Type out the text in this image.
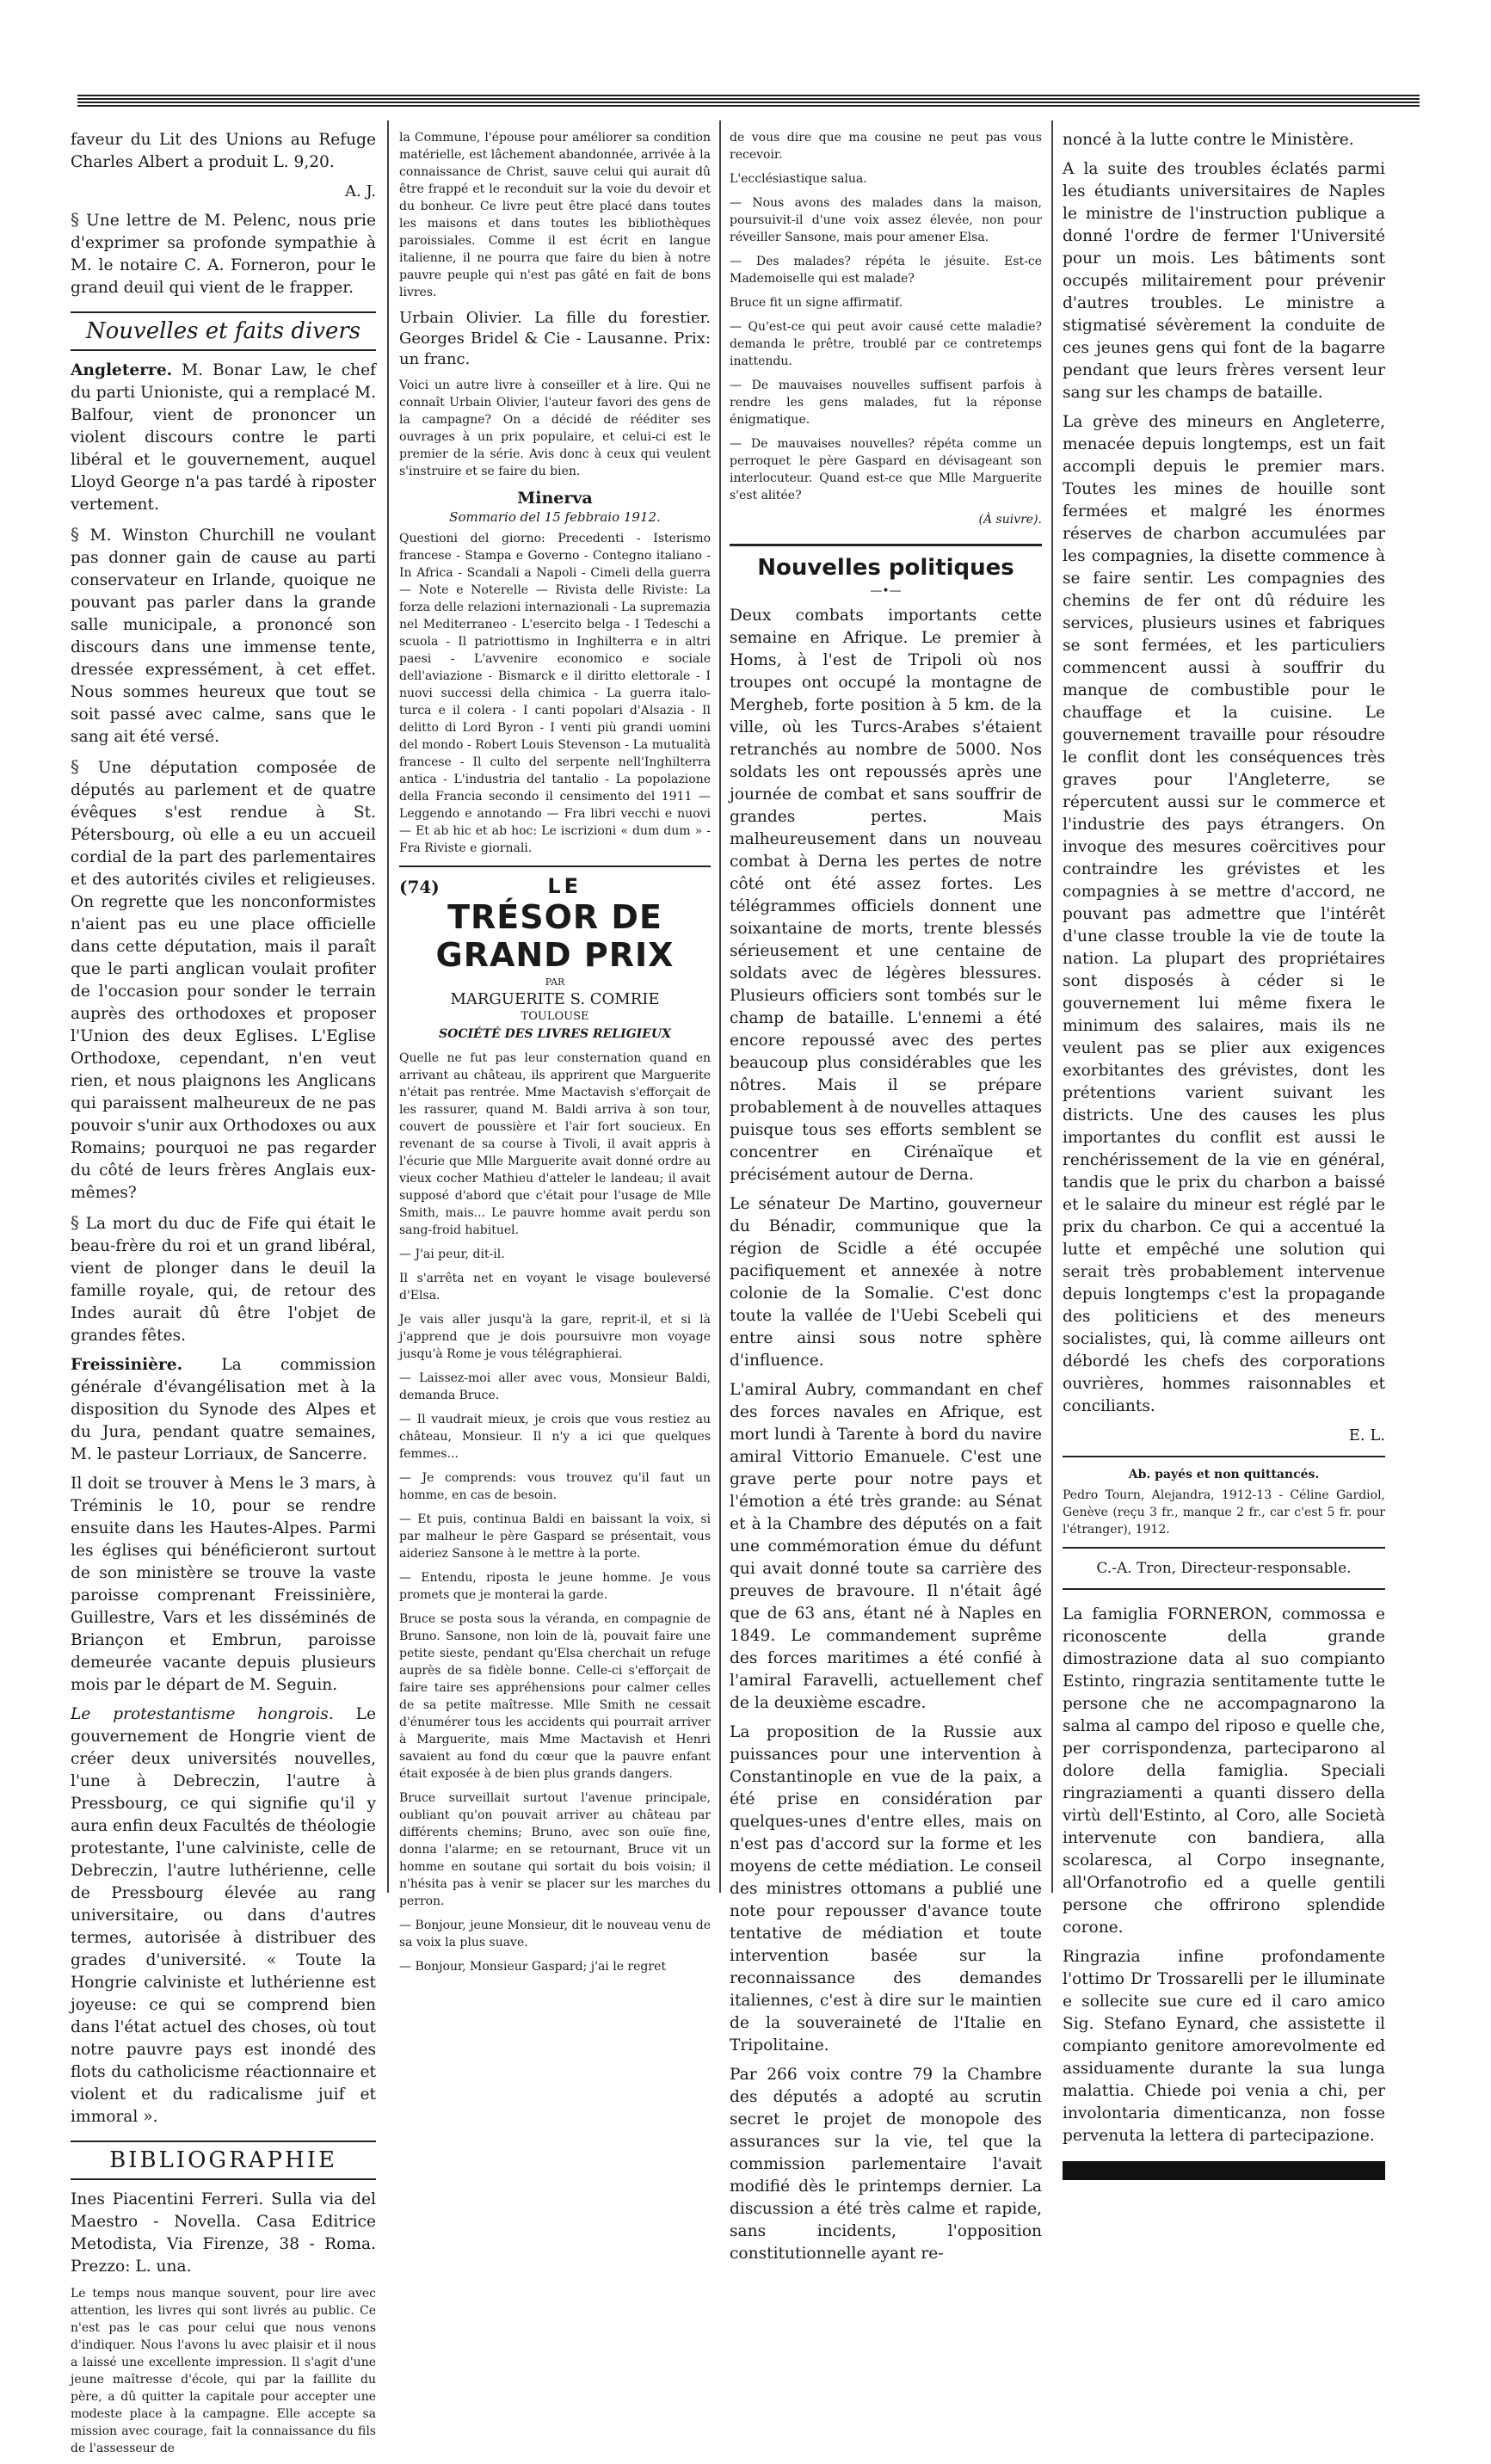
faveur du Lit des Unions au Refuge Charles Albert a produit L. 9,20.

A. J.

§ Une lettre de M. Pelenc, nous prie d'exprimer sa profonde sympathie à M. le notaire C. A. Forneron, pour le grand deuil qui vient de le frapper.

Nouvelles et faits divers

Angleterre. M. Bonar Law, le chef du parti Unioniste, qui a remplacé M. Balfour, vient de prononcer un violent discours contre le parti libéral et le gouvernement, auquel Lloyd George n'a pas tardé à riposter vertement.

§ M. Winston Churchill ne voulant pas donner gain de cause au parti conservateur en Irlande, quoique ne pouvant pas parler dans la grande salle municipale, a prononcé son discours dans une immense tente, dressée expressément, à cet effet. Nous sommes heureux que tout se soit passé avec calme, sans que le sang ait été versé.

§ Une députation composée de députés au parlement et de quatre évêques s'est rendue à St. Pétersbourg, où elle a eu un accueil cordial de la part des parlementaires et des autorités civiles et religieuses. On regrette que les nonconformistes n'aient pas eu une place officielle dans cette députation, mais il paraît que le parti anglican voulait profiter de l'occasion pour sonder le terrain auprès des orthodoxes et proposer l'Union des deux Eglises. L'Eglise Orthodoxe, cependant, n'en veut rien, et nous plaignons les Anglicans qui paraissent malheureux de ne pas pouvoir s'unir aux Orthodoxes ou aux Romains; pourquoi ne pas regarder du côté de leurs frères Anglais eux-mêmes?

§ La mort du duc de Fife qui était le beau-frère du roi et un grand libéral, vient de plonger dans le deuil la famille royale, qui, de retour des Indes aurait dû être l'objet de grandes fêtes.

Freissinière. La commission générale d'évangélisation met à la disposition du Synode des Alpes et du Jura, pendant quatre semaines, M. le pasteur Lorriaux, de Sancerre.

Il doit se trouver à Mens le 3 mars, à Tréminis le 10, pour se rendre ensuite dans les Hautes-Alpes. Parmi les églises qui bénéficieront surtout de son ministère se trouve la vaste paroisse comprenant Freissinière, Guillestre, Vars et les disséminés de Briançon et Embrun, paroisse demeurée vacante depuis plusieurs mois par le départ de M. Seguin.

Le protestantisme hongrois. Le gouvernement de Hongrie vient de créer deux universités nouvelles, l'une à Debreczin, l'autre à Pressbourg, ce qui signifie qu'il y aura enfin deux Facultés de théologie protestante, l'une calviniste, celle de Debreczin, l'autre luthérienne, celle de Pressbourg élevée au rang universitaire, ou dans d'autres termes, autorisée à distribuer des grades d'université. « Toute la Hongrie calviniste et luthérienne est joyeuse: ce qui se comprend bien dans l'état actuel des choses, où tout notre pauvre pays est inondé des flots du catholicisme réactionnaire et violent et du radicalisme juif et immoral ».

BIBLIOGRAPHIE

Ines Piacentini Ferreri. Sulla via del Maestro - Novella. Casa Editrice Metodista, Via Firenze, 38 - Roma. Prezzo: L. una.

Le temps nous manque souvent, pour lire avec attention, les livres qui sont livrés au public. Ce n'est pas le cas pour celui que nous venons d'indiquer. Nous l'avons lu avec plaisir et il nous a laissé une excellente impression. Il s'agit d'une jeune maîtresse d'école, qui par la faillite du père, a dû quitter la capitale pour accepter une modeste place à la campagne. Elle accepte sa mission avec courage, fait la connaissance du fils de l'assesseur de

la Commune, l'épouse pour améliorer sa condition matérielle, est lâchement abandonnée, arrivée à la connaissance de Christ, sauve celui qui aurait dû être frappé et le reconduit sur la voie du devoir et du bonheur. Ce livre peut être placé dans toutes les maisons et dans toutes les bibliothèques paroissiales. Comme il est écrit en langue italienne, il ne pourra que faire du bien à notre pauvre peuple qui n'est pas gâté en fait de bons livres.

Urbain Olivier. La fille du forestier. Georges Bridel & Cie - Lausanne. Prix: un franc.

Voici un autre livre à conseiller et à lire. Qui ne connaît Urbain Olivier, l'auteur favori des gens de la campagne? On a décidé de rééditer ses ouvrages à un prix populaire, et celui-ci est le premier de la série. Avis donc à ceux qui veulent s'instruire et se faire du bien.

Minerva
Sommario del 15 febbraio 1912.

Questioni del giorno: Precedenti - Isterismo francese - Stampa e Governo - Contegno italiano - In Africa - Scandali a Napoli - Cimeli della guerra — Note e Noterelle — Rivista delle Riviste: La forza delle relazioni internazionali - La supremazia nel Mediterraneo - L'esercito belga - I Tedeschi a scuola - Il patriottismo in Inghilterra e in altri paesi - L'avvenire economico e sociale dell'aviazione - Bismarck e il diritto elettorale - I nuovi successi della chimica - La guerra italo-turca e il colera - I canti popolari d'Alsazia - Il delitto di Lord Byron - I venti più grandi uomini del mondo - Robert Louis Stevenson - La mutualità francese - Il culto del serpente nell'Inghilterra antica - L'industria del tantalio - La popolazione della Francia secondo il censimento del 1911 — Leggendo e annotando — Fra libri vecchi e nuovi — Et ab hic et ab hoc: Le iscrizioni « dum dum » - Fra Riviste e giornali.

(74)	LE
TRÉSOR DE GRAND PRIX

PAR

MARGUERITE S. COMRIE

TOULOUSE

SOCIÉTÉ DES LIVRES RELIGIEUX

Quelle ne fut pas leur consternation quand en arrivant au château, ils apprirent que Marguerite n'était pas rentrée. Mme Mactavish s'efforçait de les rassurer, quand M. Baldi arriva à son tour, couvert de poussière et l'air fort soucieux. En revenant de sa course à Tivoli, il avait appris à l'écurie que Mlle Marguerite avait donné ordre au vieux cocher Mathieu d'atteler le landeau; il avait supposé d'abord que c'était pour l'usage de Mlle Smith, mais... Le pauvre homme avait perdu son sang-froid habituel.

— J'ai peur, dit-il.

Il s'arrêta net en voyant le visage bouleversé d'Elsa.

Je vais aller jusqu'à la gare, reprit-il, et si là j'apprend que je dois poursuivre mon voyage jusqu'à Rome je vous télégraphierai.

— Laissez-moi aller avec vous, Monsieur Baldi, demanda Bruce.

— Il vaudrait mieux, je crois que vous restiez au château, Monsieur. Il n'y a ici que quelques femmes...

— Je comprends: vous trouvez qu'il faut un homme, en cas de besoin.

— Et puis, continua Baldi en baissant la voix, si par malheur le père Gaspard se présentait, vous aideriez Sansone à le mettre à la porte.

— Entendu, riposta le jeune homme. Je vous promets que je monterai la garde.

Bruce se posta sous la véranda, en compagnie de Bruno. Sansone, non loin de là, pouvait faire une petite sieste, pendant qu'Elsa cherchait un refuge auprès de sa fidèle bonne. Celle-ci s'efforçait de faire taire ses appréhensions pour calmer celles de sa petite maîtresse. Mlle Smith ne cessait d'énumérer tous les accidents qui pourrait arriver à Marguerite, mais Mme Mactavish et Henri savaient au fond du cœur que la pauvre enfant était exposée à de bien plus grands dangers.

Bruce surveillait surtout l'avenue principale, oubliant qu'on pouvait arriver au château par différents chemins; Bruno, avec son ouïe fine, donna l'alarme; en se retournant, Bruce vit un homme en soutane qui sortait du bois voisin; il n'hésita pas à venir se placer sur les marches du perron.

— Bonjour, jeune Monsieur, dit le nouveau venu de sa voix la plus suave.

— Bonjour, Monsieur Gaspard; j'ai le regret

de vous dire que ma cousine ne peut pas vous recevoir.

L'ecclésiastique salua.

— Nous avons des malades dans la maison, poursuivit-il d'une voix assez élevée, non pour réveiller Sansone, mais pour amener Elsa.

— Des malades? répéta le jésuite. Est-ce Mademoiselle qui est malade?

Bruce fit un signe affirmatif.

— Qu'est-ce qui peut avoir causé cette maladie? demanda le prêtre, troublé par ce contretemps inattendu.

— De mauvaises nouvelles suffisent parfois à rendre les gens malades, fut la réponse énigmatique.

— De mauvaises nouvelles? répéta comme un perroquet le père Gaspard en dévisageant son interlocuteur. Quand est-ce que Mlle Marguerite s'est alitée?

(À suivre).

Nouvelles politiques
—•—

Deux combats importants cette semaine en Afrique. Le premier à Homs, à l'est de Tripoli où nos troupes ont occupé la montagne de Mergheb, forte position à 5 km. de la ville, où les Turcs-Arabes s'étaient retranchés au nombre de 5000. Nos soldats les ont repoussés après une journée de combat et sans souffrir de grandes pertes. Mais malheureusement dans un nouveau combat à Derna les pertes de notre côté ont été assez fortes. Les télégrammes officiels donnent une soixantaine de morts, trente blessés sérieusement et une centaine de soldats avec de légères blessures. Plusieurs officiers sont tombés sur le champ de bataille. L'ennemi a été encore repoussé avec des pertes beaucoup plus considérables que les nôtres. Mais il se prépare probablement à de nouvelles attaques puisque tous ses efforts semblent se concentrer en Cirénaïque et précisément autour de Derna.

Le sénateur De Martino, gouverneur du Bénadir, communique que la région de Scidle a été occupée pacifiquement et annexée à notre colonie de la Somalie. C'est donc toute la vallée de l'Uebi Scebeli qui entre ainsi sous notre sphère d'influence.

L'amiral Aubry, commandant en chef des forces navales en Afrique, est mort lundi à Tarente à bord du navire amiral Vittorio Emanuele. C'est une grave perte pour notre pays et l'émotion a été très grande: au Sénat et à la Chambre des députés on a fait une commémoration émue du défunt qui avait donné toute sa carrière des preuves de bravoure. Il n'était âgé que de 63 ans, étant né à Naples en 1849. Le commandement suprême des forces maritimes a été confié à l'amiral Faravelli, actuellement chef de la deuxième escadre.

La proposition de la Russie aux puissances pour une intervention à Constantinople en vue de la paix, a été prise en considération par quelques-unes d'entre elles, mais on n'est pas d'accord sur la forme et les moyens de cette médiation. Le conseil des ministres ottomans a publié une note pour repousser d'avance toute tentative de médiation et toute intervention basée sur la reconnaissance des demandes italiennes, c'est à dire sur le maintien de la souveraineté de l'Italie en Tripolitaine.

Par 266 voix contre 79 la Chambre des députés a adopté au scrutin secret le projet de monopole des assurances sur la vie, tel que la commission parlementaire l'avait modifié dès le printemps dernier. La discussion a été très calme et rapide, sans incidents, l'opposition constitutionnelle ayant re-

noncé à la lutte contre le Ministère.

A la suite des troubles éclatés parmi les étudiants universitaires de Naples le ministre de l'instruction publique a donné l'ordre de fermer l'Université pour un mois. Les bâtiments sont occupés militairement pour prévenir d'autres troubles. Le ministre a stigmatisé sévèrement la conduite de ces jeunes gens qui font de la bagarre pendant que leurs frères versent leur sang sur les champs de bataille.

La grève des mineurs en Angleterre, menacée depuis longtemps, est un fait accompli depuis le premier mars. Toutes les mines de houille sont fermées et malgré les énormes réserves de charbon accumulées par les compagnies, la disette commence à se faire sentir. Les compagnies des chemins de fer ont dû réduire les services, plusieurs usines et fabriques se sont fermées, et les particuliers commencent aussi à souffrir du manque de combustible pour le chauffage et la cuisine. Le gouvernement travaille pour résoudre le conflit dont les conséquences très graves pour l'Angleterre, se répercutent aussi sur le commerce et l'industrie des pays étrangers. On invoque des mesures coërcitives pour contraindre les grévistes et les compagnies à se mettre d'accord, ne pouvant pas admettre que l'intérêt d'une classe trouble la vie de toute la nation. La plupart des propriétaires sont disposés à céder si le gouvernement lui même fixera le minimum des salaires, mais ils ne veulent pas se plier aux exigences exorbitantes des grévistes, dont les prétentions varient suivant les districts. Une des causes les plus importantes du conflit est aussi le renchérissement de la vie en général, tandis que le prix du charbon a baissé et le salaire du mineur est réglé par le prix du charbon. Ce qui a accentué la lutte et empêché une solution qui serait très probablement intervenue depuis longtemps c'est la propagande des politiciens et des meneurs socialistes, qui, là comme ailleurs ont débordé les chefs des corporations ouvrières, hommes raisonnables et conciliants.

E. L.

Ab. payés et non quittancés.

Pedro Tourn, Alejandra, 1912-13 - Céline Gardiol, Genève (reçu 3 fr., manque 2 fr., car c'est 5 fr. pour l'étranger), 1912.

C.-A. Tron, Directeur-responsable.

La famiglia FORNERON, commossa e riconoscente della grande dimostrazione data al suo compianto Estinto, ringrazia sentitamente tutte le persone che ne accompagnarono la salma al campo del riposo e quelle che, per corrispondenza, parteciparono al dolore della famiglia. Speciali ringraziamenti a quanti dissero della virtù dell'Estinto, al Coro, alle Società intervenute con bandiera, alla scolaresca, al Corpo insegnante, all'Orfanotrofio ed a quelle gentili persone che offrirono splendide corone.

Ringrazia infine profondamente l'ottimo Dr Trossarelli per le illuminate e sollecite sue cure ed il caro amico Sig. Stefano Eynard, che assistette il compianto genitore amorevolmente ed assiduamente durante la sua lunga malattia. Chiede poi venia a chi, per involontaria dimenticanza, non fosse pervenuta la lettera di partecipazione.
